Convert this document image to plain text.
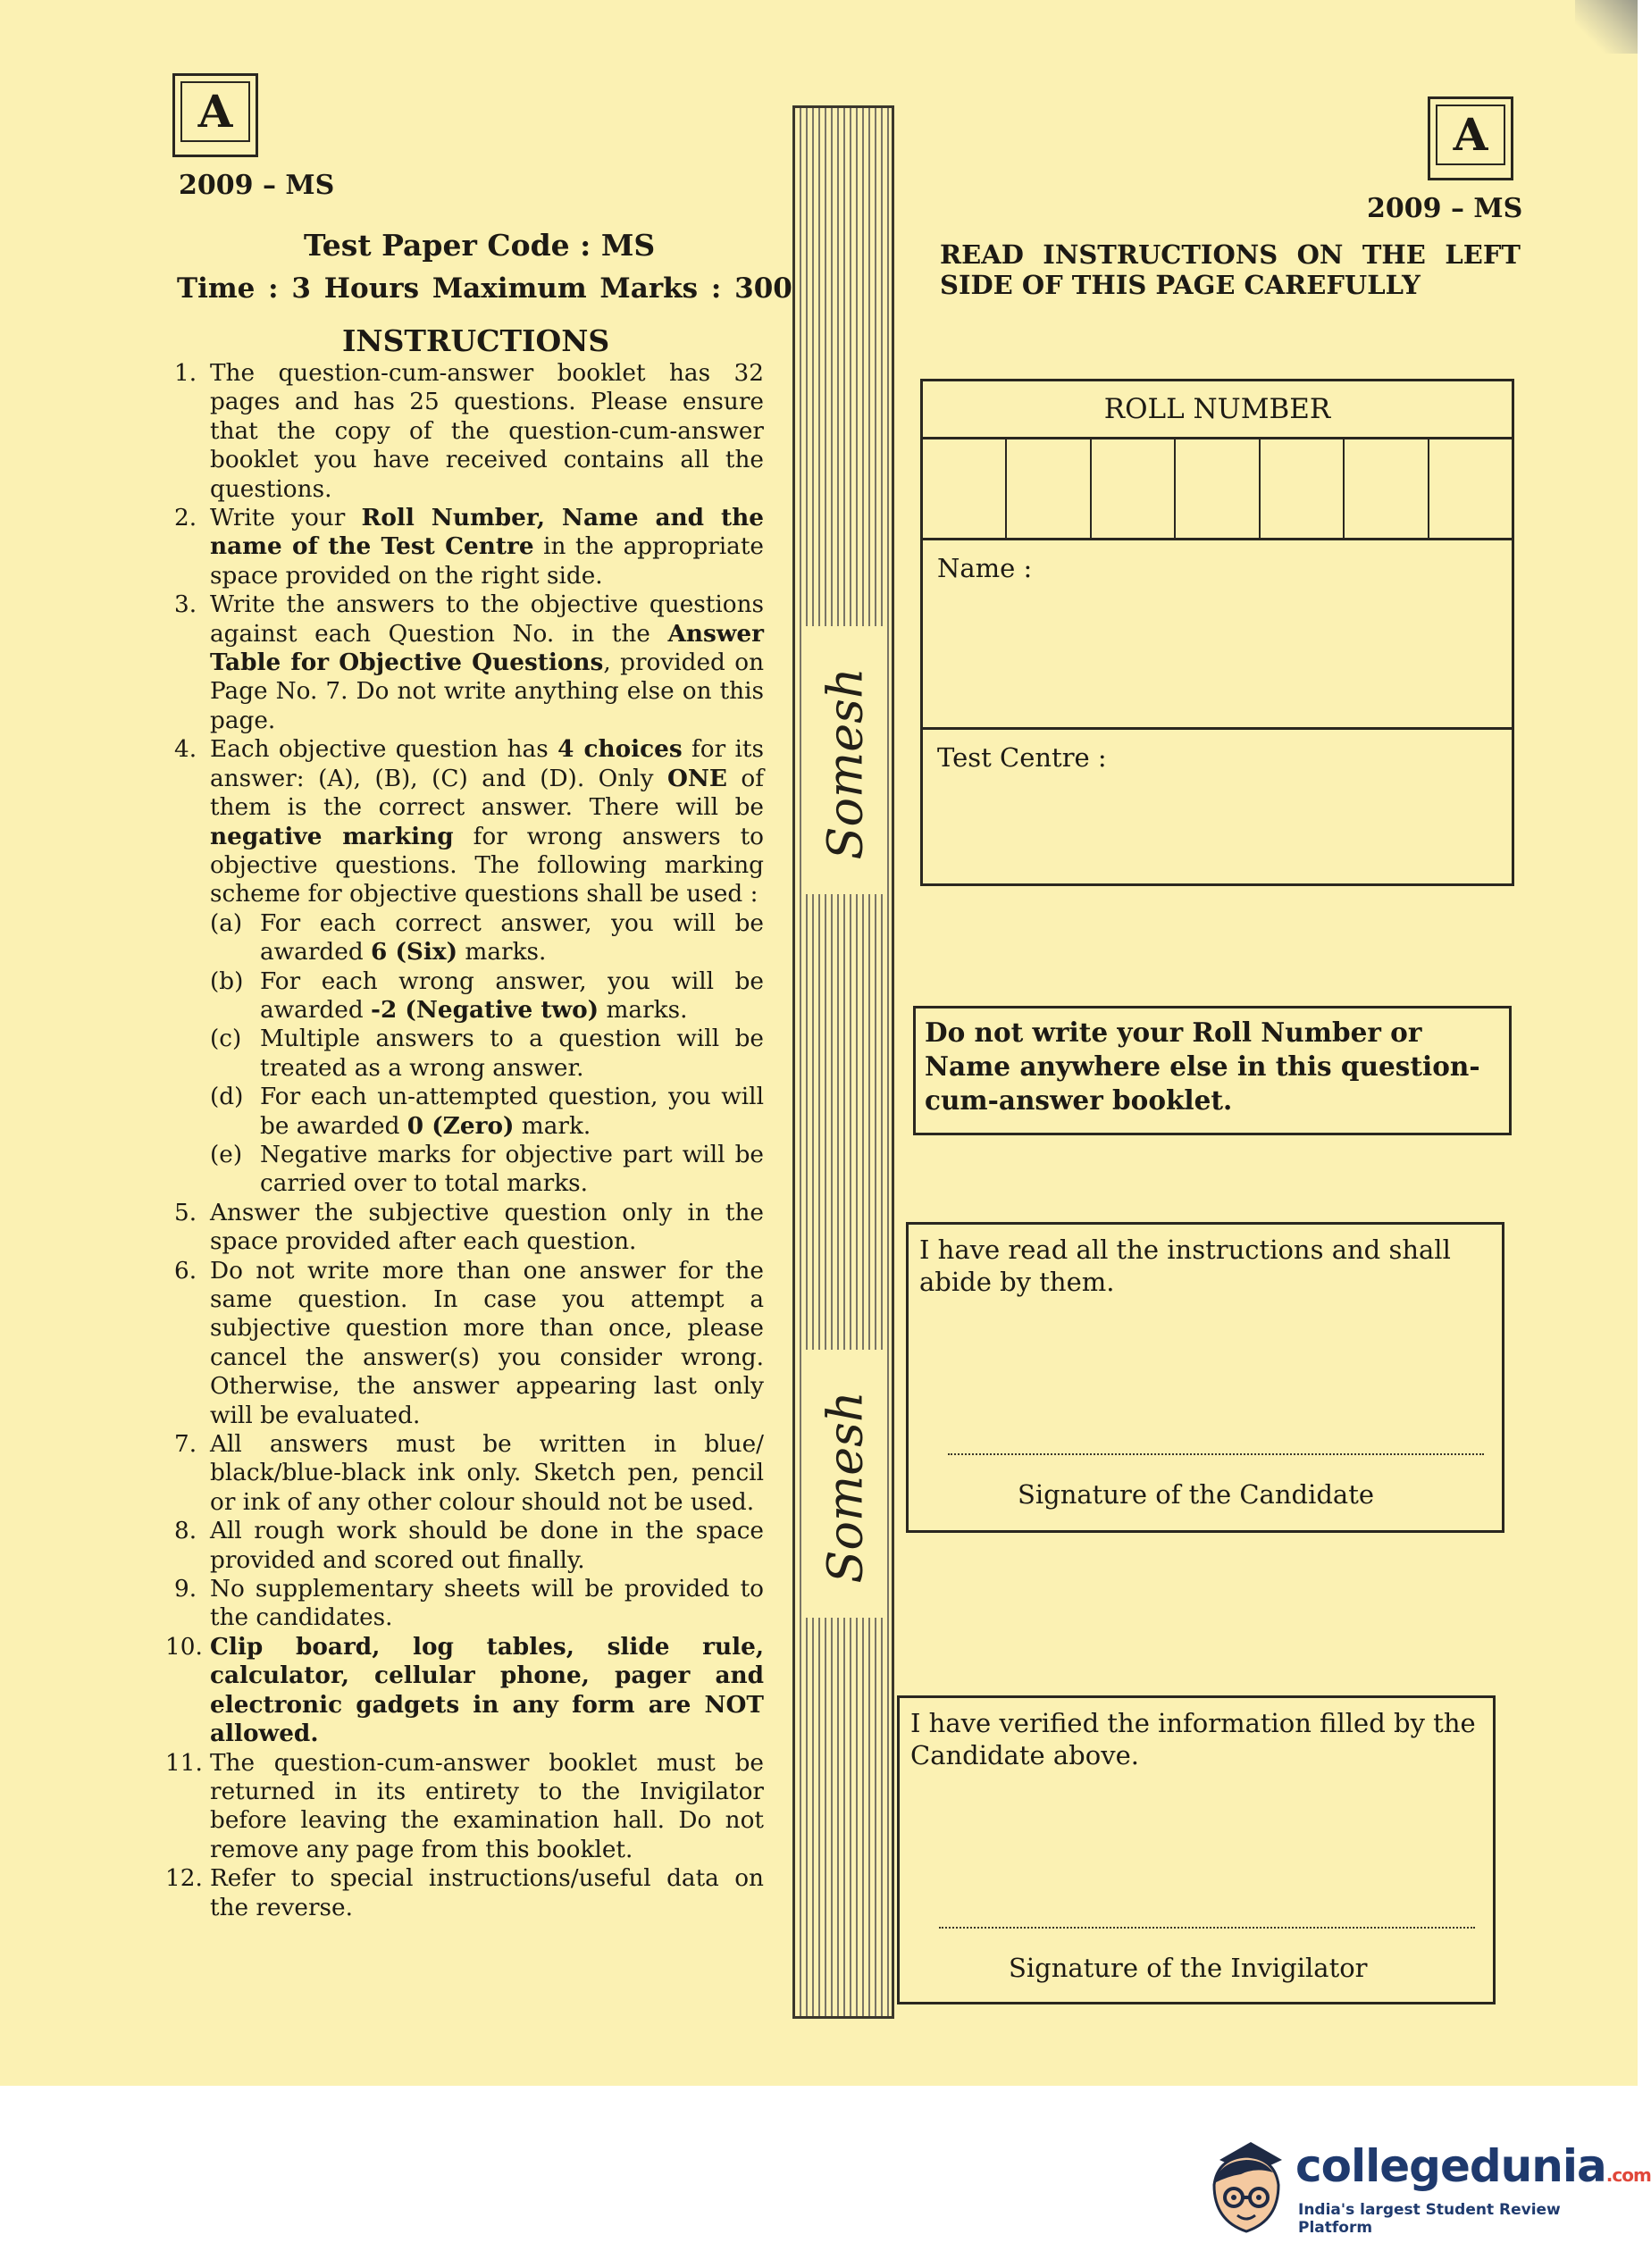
A
2009 – MS
Test Paper Code : MS
Time : 3 Hours Maximum Marks : 300
INSTRUCTIONS
1. The question-cum-answer booklet has 32 pages and has 25 questions. Please ensure that the copy of the question-cum-answer booklet you have received contains all the questions.
2. Write your Roll Number, Name and the name of the Test Centre in the appropriate space provided on the right side.
3. Write the answers to the objective questions against each Question No. in the Answer Table for Objective Questions, provided on Page No. 7. Do not write anything else on this page.
4. Each objective question has 4 choices for its answer: (A), (B), (C) and (D). Only ONE of them is the correct answer. There will be negative marking for wrong answers to objective questions. The following marking scheme for objective questions shall be used :
(a) For each correct answer, you will be awarded 6 (Six) marks.
(b) For each wrong answer, you will be awarded -2 (Negative two) marks.
(c) Multiple answers to a question will be treated as a wrong answer.
(d) For each un-attempted question, you will be awarded 0 (Zero) mark.
(e) Negative marks for objective part will be carried over to total marks.
5. Answer the subjective question only in the space provided after each question.
6. Do not write more than one answer for the same question. In case you attempt a subjective question more than once, please cancel the answer(s) you consider wrong. Otherwise, the answer appearing last only will be evaluated.
7. All answers must be written in blue/ black/blue-black ink only. Sketch pen, pencil or ink of any other colour should not be used.
8. All rough work should be done in the space provided and scored out finally.
9. No supplementary sheets will be provided to the candidates.
10. Clip board, log tables, slide rule, calculator, cellular phone, pager and electronic gadgets in any form are NOT allowed.
11. The question-cum-answer booklet must be returned in its entirety to the Invigilator before leaving the examination hall. Do not remove any page from this booklet.
12. Refer to special instructions/useful data on the reverse.
Somesh
Somesh
A
2009 – MS
READ INSTRUCTIONS ON THE LEFT SIDE OF THIS PAGE CAREFULLY
ROLL NUMBER
Name :
Test Centre :
Do not write your Roll Number or Name anywhere else in this question-cum-answer booklet.
I have read all the instructions and shall abide by them.
Signature of the Candidate
I have verified the information filled by the Candidate above.
Signature of the Invigilator
collegedunia.com
India's largest Student Review Platform
